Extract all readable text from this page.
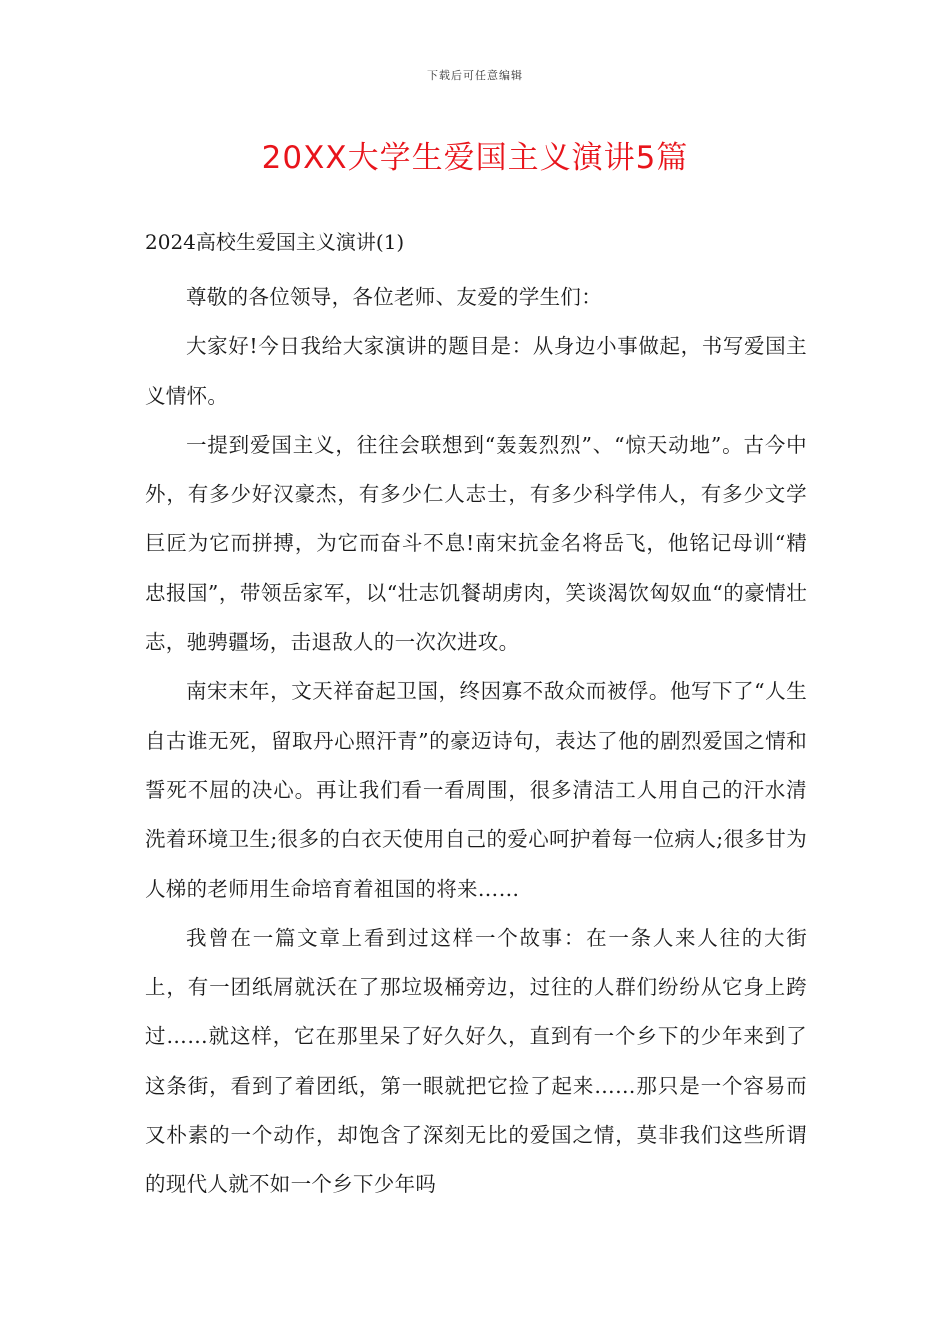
下载后可任意编辑
20XX大学生爱国主义演讲5篇
2024高校生爱国主义演讲(1)

尊敬的各位领导，各位老师、友爱的学生们：

大家好!今日我给大家演讲的题目是：从身边小事做起，书写爱国主义情怀。

一提到爱国主义，往往会联想到“轰轰烈烈”、“惊天动地”。古今中外，有多少好汉豪杰，有多少仁人志士，有多少科学伟人，有多少文学巨匠为它而拼搏，为它而奋斗不息!南宋抗金名将岳飞，他铭记母训“精忠报国”，带领岳家军，以“壮志饥餐胡虏肉，笑谈渴饮匈奴血“的豪情壮志，驰骋疆场，击退敌人的一次次进攻。

南宋末年，文天祥奋起卫国，终因寡不敌众而被俘。他写下了“人生自古谁无死，留取丹心照汗青”的豪迈诗句，表达了他的剧烈爱国之情和誓死不屈的决心。再让我们看一看周围，很多清洁工人用自己的汗水清洗着环境卫生;很多的白衣天使用自己的爱心呵护着每一位病人;很多甘为人梯的老师用生命培育着祖国的将来……

我曾在一篇文章上看到过这样一个故事：在一条人来人往的大街上，有一团纸屑就沃在了那垃圾桶旁边，过往的人群们纷纷从它身上跨过……就这样，它在那里呆了好久好久，直到有一个乡下的少年来到了这条街，看到了着团纸，第一眼就把它捡了起来……那只是一个容易而又朴素的一个动作，却饱含了深刻无比的爱国之情，莫非我们这些所谓的现代人就不如一个乡下少年吗
